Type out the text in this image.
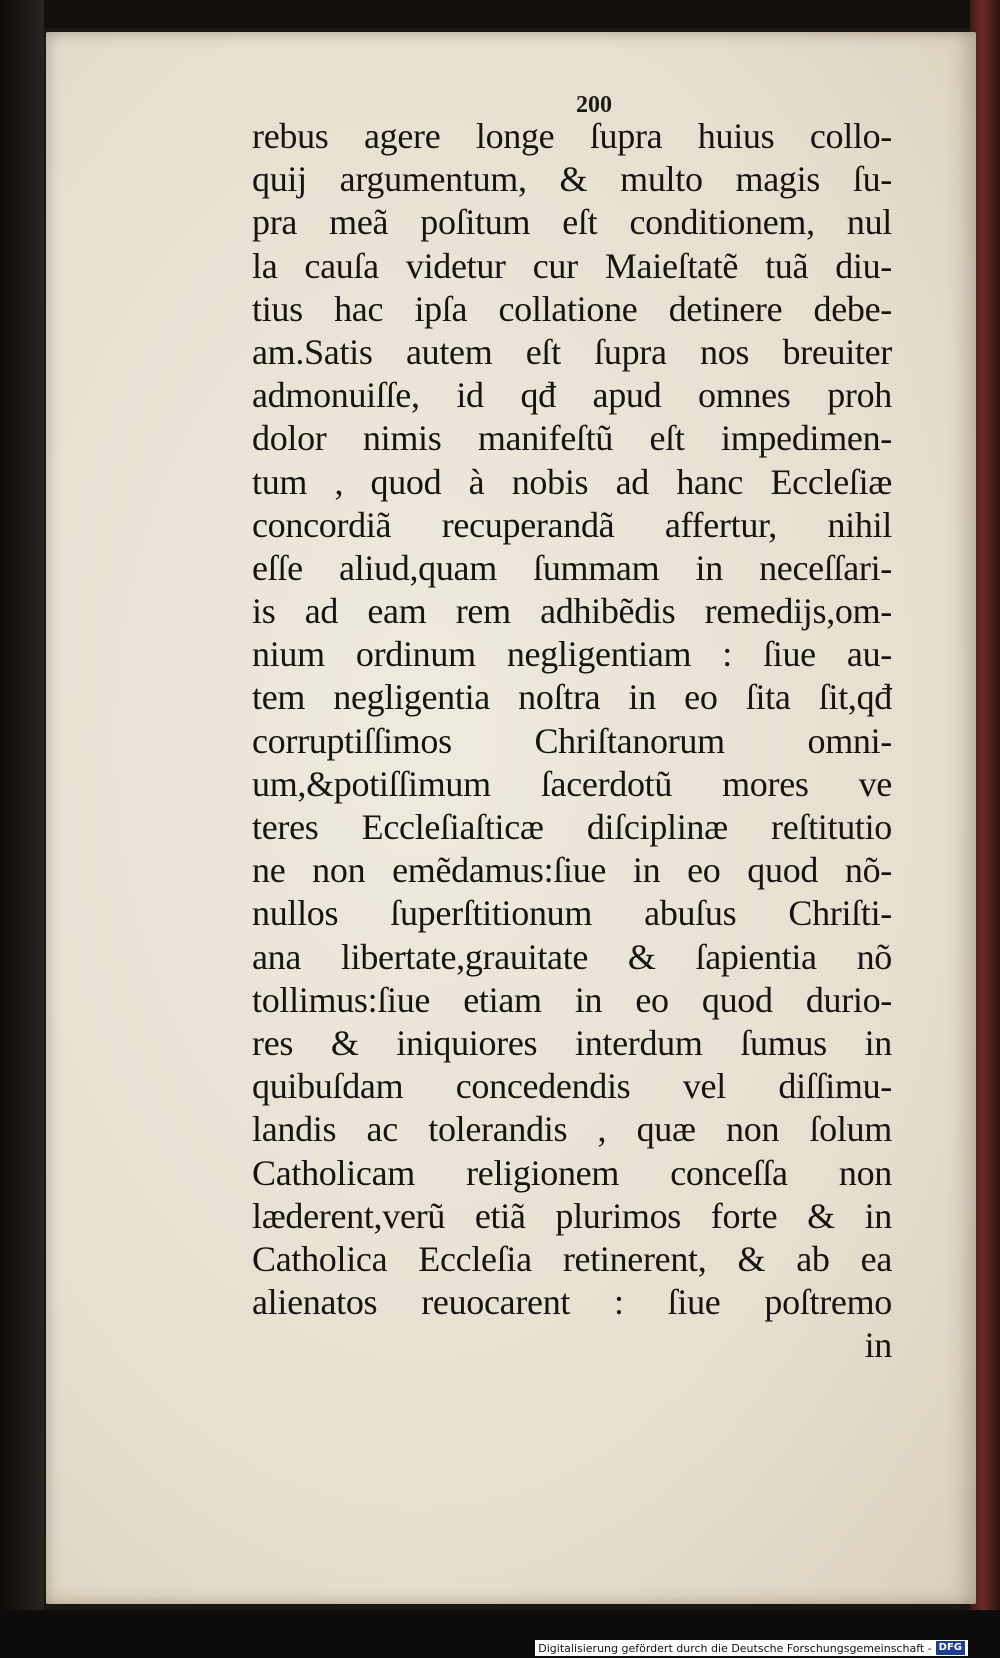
200
rebus agere longe ſupra huius collo-
quij argumentum, & multo magis ſu-
pra meã poſitum eſt conditionem, nul
la cauſa videtur cur Maieſtatẽ tuã diu-
tius hac ipſa collatione detinere debe-
am.Satis autem eſt ſupra nos breuiter
admonuiſſe, id qđ apud omnes proh
dolor nimis manifeſtũ eſt impedimen-
tum , quod à nobis ad hanc Eccleſiæ
concordiã recuperandã affertur, nihil
eſſe aliud,quam ſummam in neceſſari-
is ad eam rem adhibẽdis remedijs,om-
nium ordinum negligentiam : ſiue au-
tem negligentia noſtra in eo ſita ſit,qđ
corruptiſſimos Chriſtanorum omni-
um,&potiſſimum ſacerdotũ mores ve
teres Eccleſiaſticæ diſciplinæ reſtitutio
ne non emẽdamus:ſiue in eo quod nõ-
nullos ſuperſtitionum abuſus Chriſti-
ana libertate,grauitate & ſapientia nõ
tollimus:ſiue etiam in eo quod durio-
res & iniquiores interdum ſumus in
quibuſdam concedendis vel diſſimu-
landis ac tolerandis , quæ non ſolum
Catholicam religionem conceſſa non
læderent,verũ etiã plurimos forte & in
Catholica Eccleſia retinerent, & ab ea
alienatos reuocarent : ſiue poſtremo
in
Digitalisierung gefördert durch die Deutsche Forschungsgemeinschaft - DFG
